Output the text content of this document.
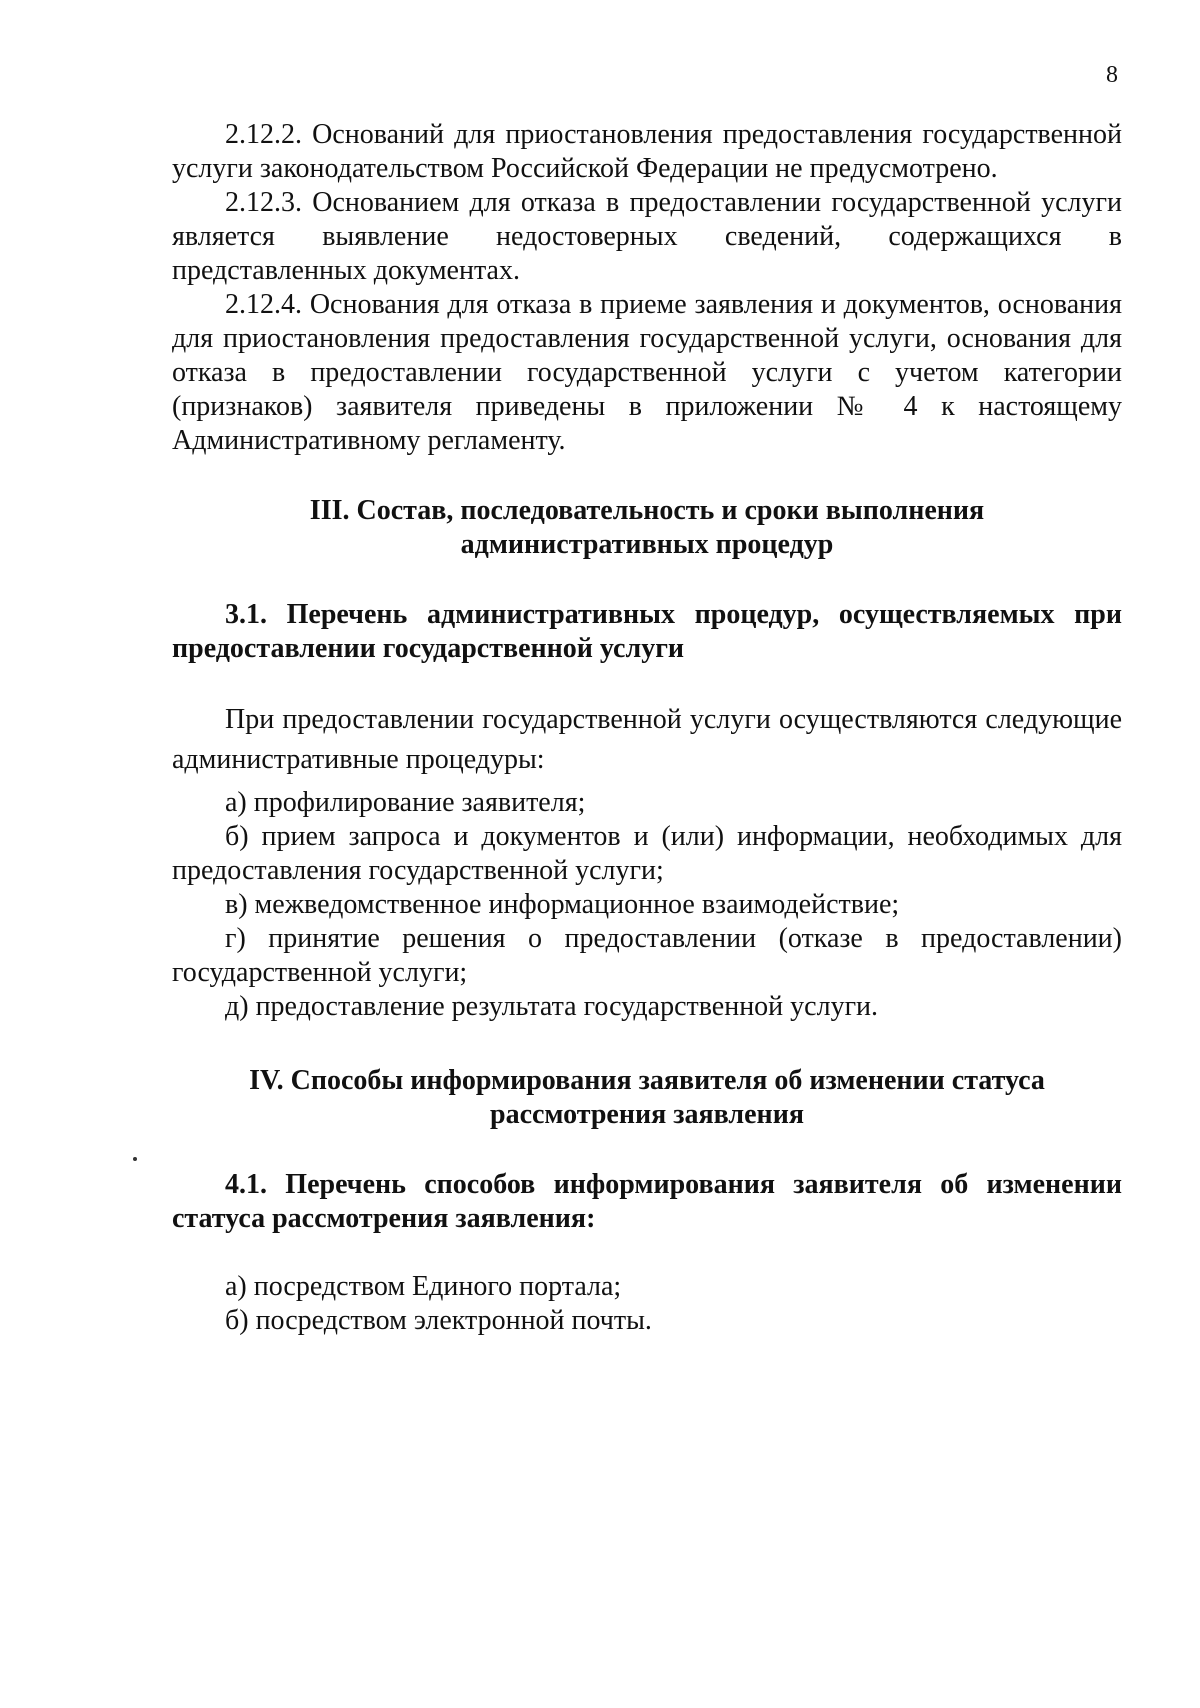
8

2.12.2. Оснований для приостановления предоставления государственной услуги законодательством Российской Федерации не предусмотрено.

2.12.3. Основанием для отказа в предоставлении государственной услуги является выявление недостоверных сведений, содержащихся в представленных документах.

2.12.4. Основания для отказа в приеме заявления и документов, основания для приостановления предоставления государственной услуги, основания для отказа в предоставлении государственной услуги с учетом категории (признаков) заявителя приведены в приложении № 4 к настоящему Административному регламенту.

III. Состав, последовательность и сроки выполнения
административных процедур

3.1. Перечень административных процедур, осуществляемых при предоставлении государственной услуги

При предоставлении государственной услуги осуществляются следующие административные процедуры:

а) профилирование заявителя;

б) прием запроса и документов и (или) информации, необходимых для предоставления государственной услуги;

в) межведомственное информационное взаимодействие;

г) принятие решения о предоставлении (отказе в предоставлении) государственной услуги;

д) предоставление результата государственной услуги.

IV. Способы информирования заявителя об изменении статуса
рассмотрения заявления

4.1. Перечень способов информирования заявителя об изменении статуса рассмотрения заявления:

а) посредством Единого портала;

б) посредством электронной почты.
